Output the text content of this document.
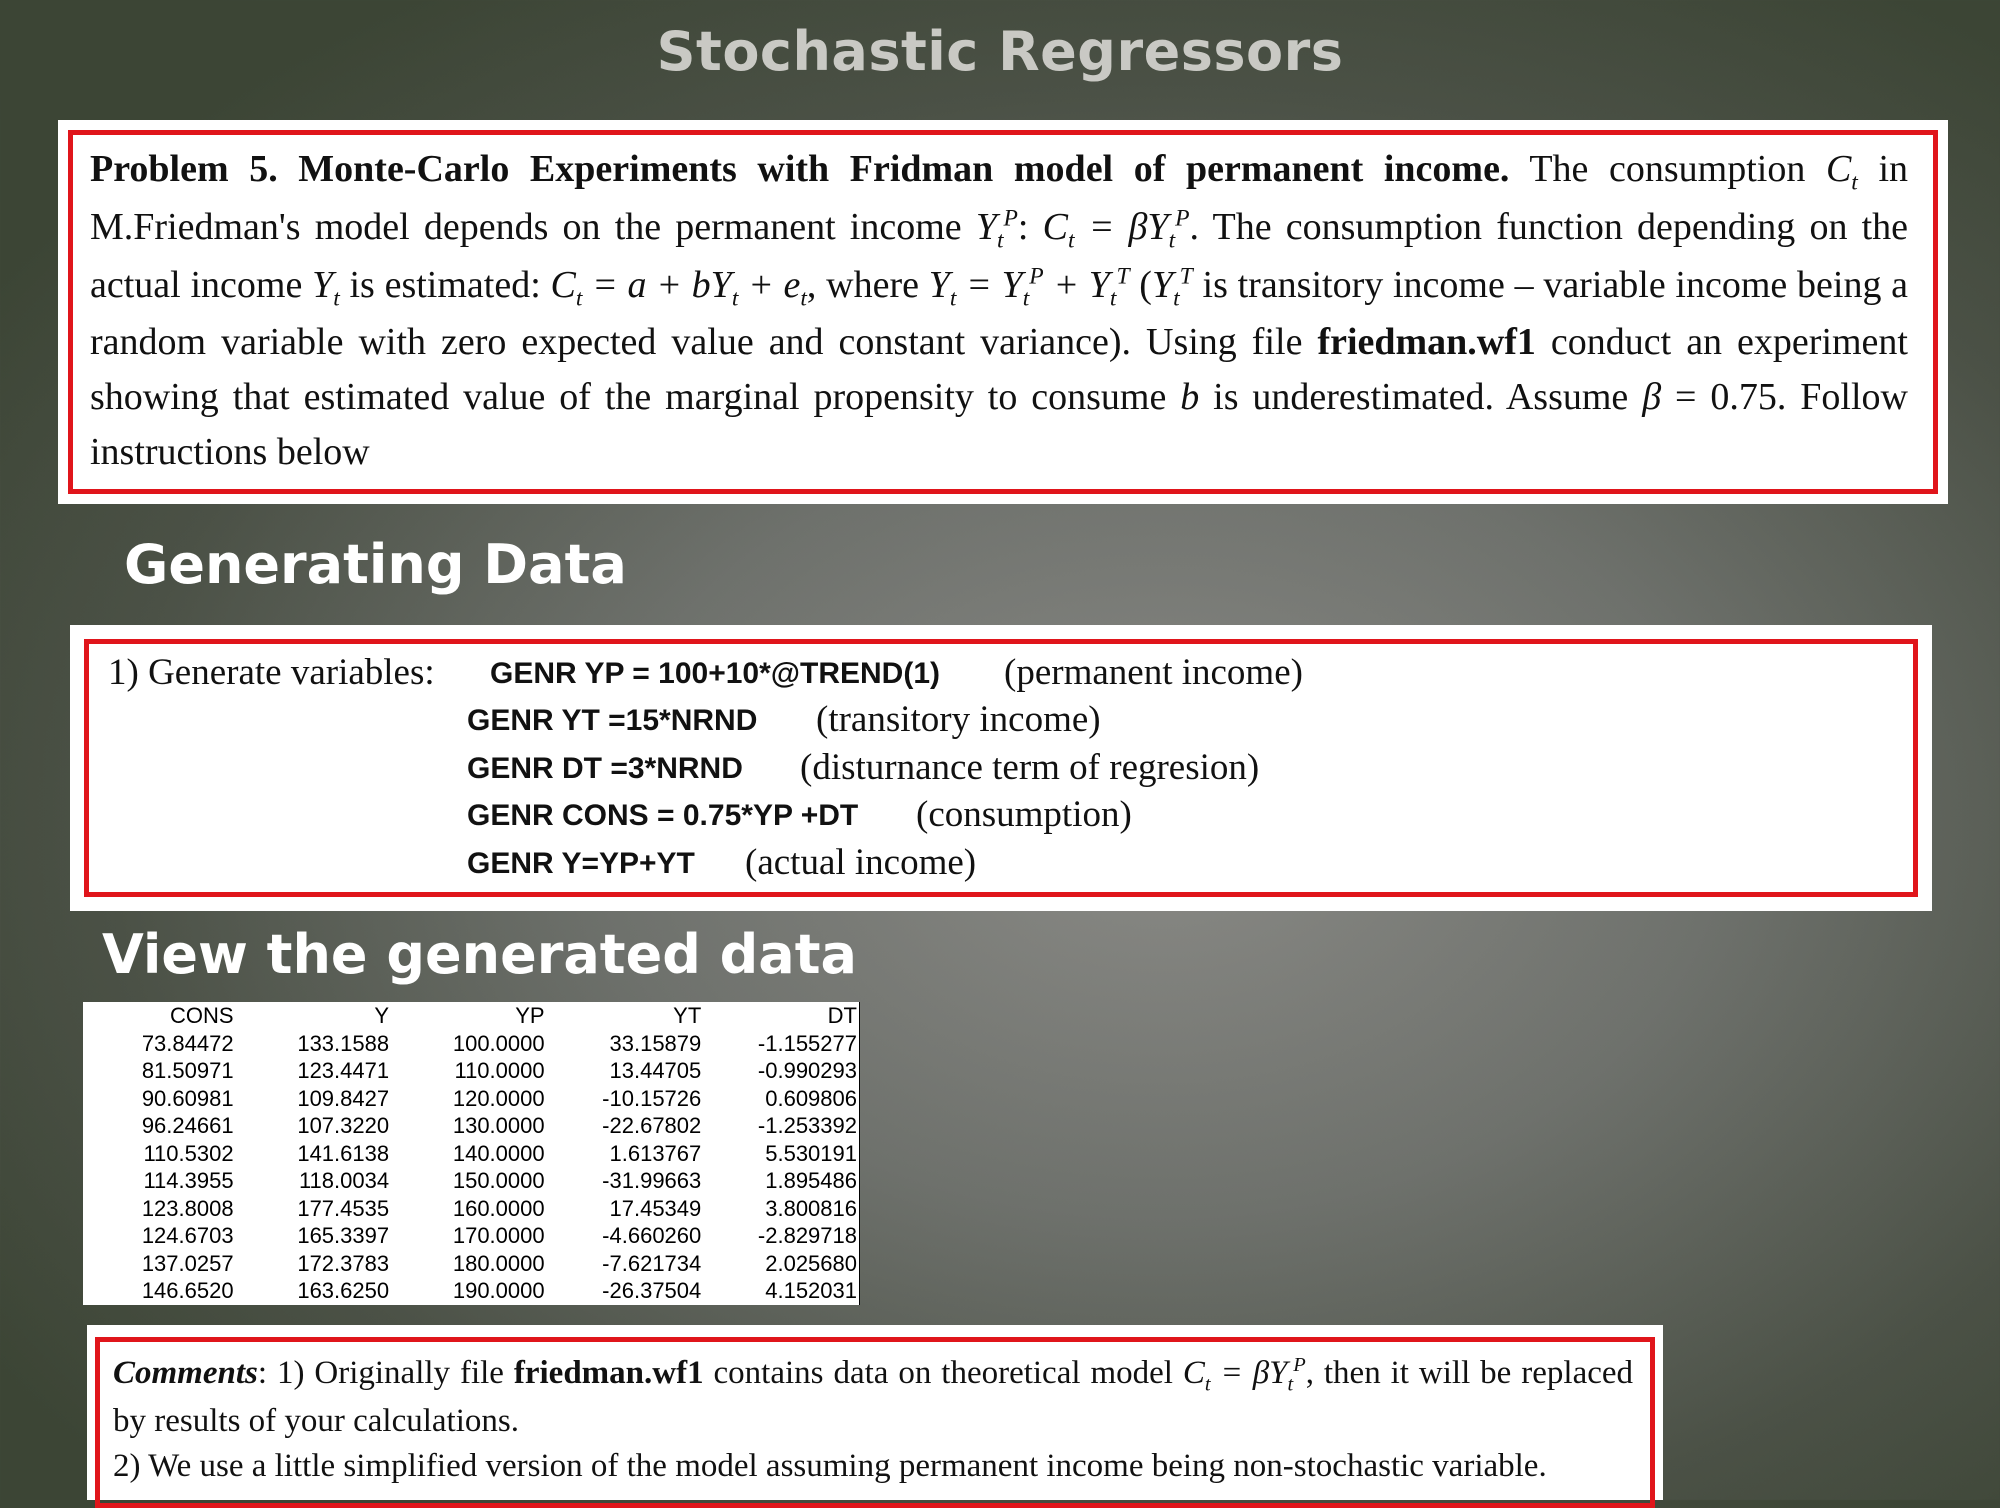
Stochastic Regressors
Problem 5. Monte-Carlo Experiments with Fridman model of permanent income. The consumption $C_t$ in M.Friedman's model depends on the permanent income $Y_t^P$: $C_t = \beta Y_t^P$. The consumption function depending on the actual income $Y_t$ is estimated: $C_t = a + bY_t + e_t$, where $Y_t = Y_t^P + Y_t^T$ ($Y_t^T$ is transitory income – variable income being a random variable with zero expected value and constant variance). Using file friedman.wf1 conduct an experiment showing that estimated value of the marginal propensity to consume b is underestimated. Assume β = 0.75. Follow instructions below
Generating Data
1) Generate variables: GENR YP = 100+10*@TREND(1) (permanent income)
GENR YT =15*NRND (transitory income)
GENR DT =3*NRND (disturnance term of regresion)
GENR CONS = 0.75*YP +DT (consumption)
GENR Y=YP+YT (actual income)
View the generated data
CONS	Y	YP	YT	DT
73.84472	133.1588	100.0000	33.15879	-1.155277
81.50971	123.4471	110.0000	13.44705	-0.990293
90.60981	109.8427	120.0000	-10.15726	0.609806
96.24661	107.3220	130.0000	-22.67802	-1.253392
110.5302	141.6138	140.0000	1.613767	5.530191
114.3955	118.0034	150.0000	-31.99663	1.895486
123.8008	177.4535	160.0000	17.45349	3.800816
124.6703	165.3397	170.0000	-4.660260	-2.829718
137.0257	172.3783	180.0000	-7.621734	2.025680
146.6520	163.6250	190.0000	-26.37504	4.152031
Comments: 1) Originally file friedman.wf1 contains data on theoretical model $C_t = \beta Y_t^P$, then it will be replaced by results of your calculations.
2) We use a little simplified version of the model assuming permanent income being non-stochastic variable.
